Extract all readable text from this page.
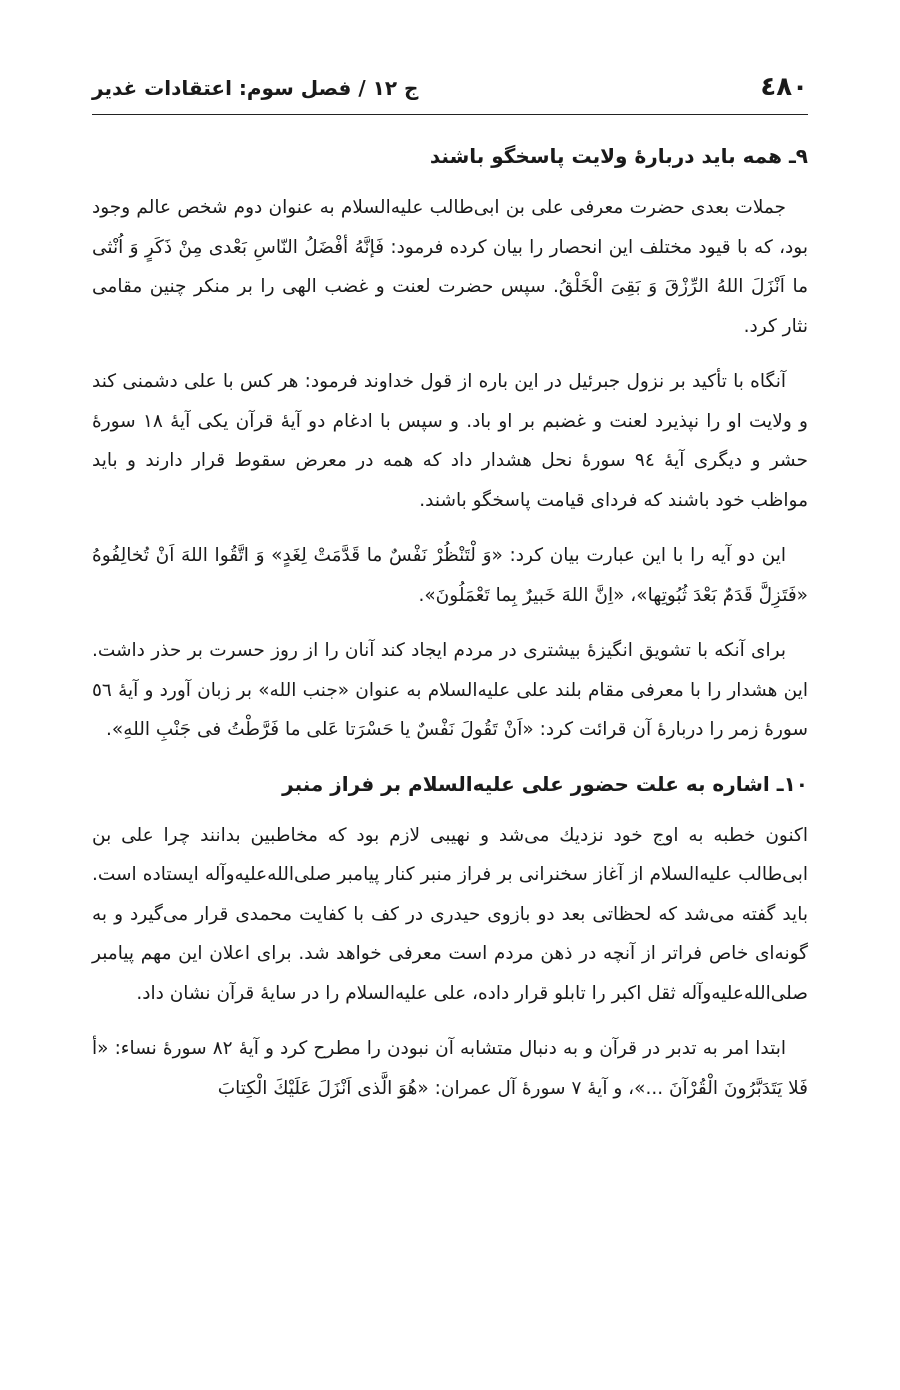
٤٨٠
ج ١٢ / فصل سوم: اعتقادات غدير
٩ـ همه بايد دربارۀ ولايت پاسخگو باشند

جملات بعدى حضرت معرفى على بن ابى‌طالب عليه‌السلام به عنوان دوم شخص عالم وجود بود، كه با قيود مختلف اين انحصار را بيان كرده فرمود: فَإنَّهُ أفْضَلُ النّاسِ بَعْدى مِنْ ذَكَرٍ وَ اُنْثى ما اَنْزَلَ اللهُ الرِّزْقَ وَ بَقِىَ الْخَلْقُ. سپس حضرت لعنت و غضب الهى را بر منكر چنين مقامى نثار كرد.

آنگاه با تأكيد بر نزول جبرئيل در اين باره از قول خداوند فرمود: هر كس با على دشمنى كند و ولايت او را نپذيرد لعنت و غضبم بر او باد. و سپس با ادغام دو آيۀ قرآن يكى آيۀ ١٨ سورۀ حشر و ديگرى آيۀ ٩٤ سورۀ نحل هشدار داد كه همه در معرض سقوط قرار دارند و بايد مواظب خود باشند كه فرداى قيامت پاسخگو باشند.

اين دو آيه را با اين عبارت بيان كرد: «وَ لْتَنْظُرْ نَفْسٌ ما قَدَّمَتْ لِغَدٍ» وَ اتَّقُوا اللهَ اَنْ تُخالِفُوهُ «فَتَزِلَّ قَدَمٌ بَعْدَ ثُبُوتِها»، «اِنَّ اللهَ خَبيرٌ بِما تَعْمَلُونَ».

براى آنكه با تشويق انگيزۀ بيشترى در مردم ايجاد كند آنان را از روز حسرت بر حذر داشت. اين هشدار را با معرفى مقام بلند على عليه‌السلام به عنوان «جنب الله» بر زبان آورد و آيۀ ٥٦ سورۀ زمر را دربارۀ آن قرائت كرد: «اَنْ تَقُولَ نَفْسٌ يا حَسْرَتا عَلى ما فَرَّطْتُ فى جَنْبِ اللهِ».

١٠ـ اشاره به علت حضور على عليه‌السلام بر فراز منبر

اكنون خطبه به اوج خود نزديك مى‌شد و نهيبى لازم بود كه مخاطبين بدانند چرا على بن ابى‌طالب عليه‌السلام از آغاز سخنرانى بر فراز منبر كنار پيامبر صلى‌الله‌عليه‌وآله ايستاده است. بايد گفته مى‌شد كه لحظاتى بعد دو بازوى حيدرى در كف با كفايت محمدى قرار مى‌گيرد و به گونه‌اى خاص فراتر از آنچه در ذهن مردم است معرفى خواهد شد. براى اعلان اين مهم پيامبر صلى‌الله‌عليه‌وآله ثقل اكبر را تابلو قرار داده، على عليه‌السلام را در سايۀ قرآن نشان داد.

ابتدا امر به تدبر در قرآن و به دنبال متشابه آن نبودن را مطرح كرد و آيۀ ٨٢ سورۀ نساء: «أ فَلا يَتَدَبَّرُونَ الْقُرْآنَ ...»، و آيۀ ٧ سورۀ آل عمران: «هُوَ الَّذى اَنْزَلَ عَلَيْكَ الْكِتابَ
